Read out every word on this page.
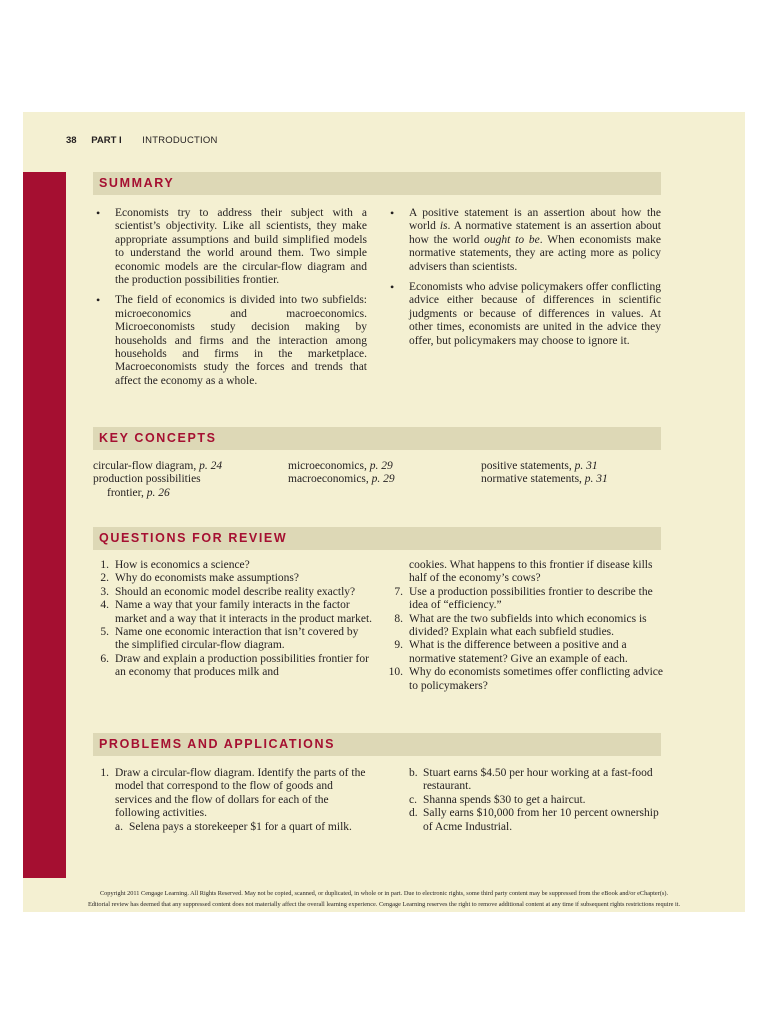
38 PART I INTRODUCTION
SUMMARY
• Economists try to address their subject with a scientist’s objectivity. Like all scientists, they make appropriate assumptions and build simplified models to understand the world around them. Two simple economic models are the circular-flow diagram and the production possibilities frontier.
• The field of economics is divided into two subfields: microeconomics and macroeconomics. Microeconomists study decision making by households and firms and the interaction among households and firms in the marketplace. Macroeconomists study the forces and trends that affect the economy as a whole.
• A positive statement is an assertion about how the world is. A normative statement is an assertion about how the world ought to be. When economists make normative statements, they are acting more as policy advisers than scientists.
• Economists who advise policymakers offer conflicting advice either because of differences in scientific judgments or because of differences in values. At other times, economists are united in the advice they offer, but policymakers may choose to ignore it.
KEY CONCEPTS
circular-flow diagram, p. 24
production possibilities
frontier, p. 26
microeconomics, p. 29
macroeconomics, p. 29
positive statements, p. 31
normative statements, p. 31
QUESTIONS FOR REVIEW
1. How is economics a science?
2. Why do economists make assumptions?
3. Should an economic model describe reality exactly?
4. Name a way that your family interacts in the factor market and a way that it interacts in the product market.
5. Name one economic interaction that isn’t covered by the simplified circular-flow diagram.
6. Draw and explain a production possibilities frontier for an economy that produces milk and
cookies. What happens to this frontier if disease kills half of the economy’s cows?
7. Use a production possibilities frontier to describe the idea of “efficiency.”
8. What are the two subfields into which economics is divided? Explain what each subfield studies.
9. What is the difference between a positive and a normative statement? Give an example of each.
10. Why do economists sometimes offer conflicting advice to policymakers?
PROBLEMS AND APPLICATIONS
1. Draw a circular-flow diagram. Identify the parts of the model that correspond to the flow of goods and services and the flow of dollars for each of the following activities.
a. Selena pays a storekeeper $1 for a quart of milk.
b. Stuart earns $4.50 per hour working at a fast-food restaurant.
c. Shanna spends $30 to get a haircut.
d. Sally earns $10,000 from her 10 percent ownership of Acme Industrial.
Copyright 2011 Cengage Learning. All Rights Reserved. May not be copied, scanned, or duplicated, in whole or in part. Due to electronic rights, some third party content may be suppressed from the eBook and/or eChapter(s).
Editorial review has deemed that any suppressed content does not materially affect the overall learning experience. Cengage Learning reserves the right to remove additional content at any time if subsequent rights restrictions require it.
